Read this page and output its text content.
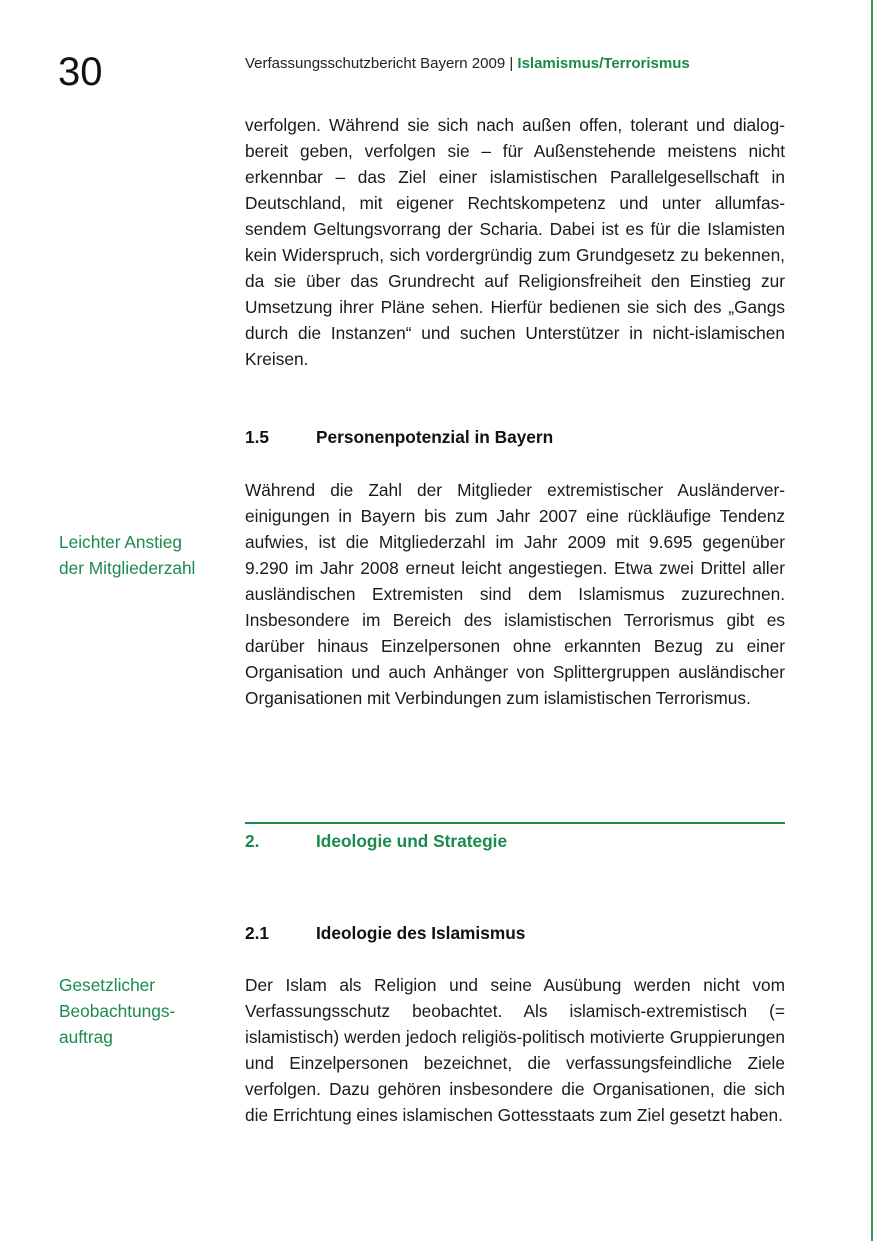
30	Verfassungsschutzbericht Bayern 2009 | Islamismus/Terrorismus
verfolgen. Während sie sich nach außen offen, tolerant und dialogbereit geben, verfolgen sie – für Außenstehende meistens nicht erkennbar – das Ziel einer islamistischen Parallelgesellschaft in Deutschland, mit eigener Rechtskompetenz und unter allumfassendem Geltungsvorrang der Scharia. Dabei ist es für die Islamisten kein Widerspruch, sich vordergründig zum Grundgesetz zu bekennen, da sie über das Grundrecht auf Religionsfreiheit den Einstieg zur Umsetzung ihrer Pläne sehen. Hierfür bedienen sie sich des „Gangs durch die Instanzen“ und suchen Unterstützer in nicht-islamischen Kreisen.
1.5	Personenpotenzial in Bayern
Leichter Anstieg
der Mitgliederzahl
Während die Zahl der Mitglieder extremistischer Ausländervereinigungen in Bayern bis zum Jahr 2007 eine rückläufige Tendenz aufwies, ist die Mitgliederzahl im Jahr 2009 mit 9.695 gegenüber 9.290 im Jahr 2008 erneut leicht angestiegen. Etwa zwei Drittel aller ausländischen Extremisten sind dem Islamismus zuzurechnen. Insbesondere im Bereich des islamistischen Terrorismus gibt es darüber hinaus Einzelpersonen ohne erkannten Bezug zu einer Organisation und auch Anhänger von Splittergruppen ausländischer Organisationen mit Verbindungen zum islamistischen Terrorismus.
2.	Ideologie und Strategie
2.1	Ideologie des Islamismus
Gesetzlicher
Beobachtungs-
auftrag
Der Islam als Religion und seine Ausübung werden nicht vom Verfassungsschutz beobachtet. Als islamisch-extremistisch (= islamistisch) werden jedoch religiös-politisch motivierte Gruppierungen und Einzelpersonen bezeichnet, die verfassungsfeindliche Ziele verfolgen. Dazu gehören insbesondere die Organisationen, die sich die Errichtung eines islamischen Gottesstaats zum Ziel gesetzt haben.
